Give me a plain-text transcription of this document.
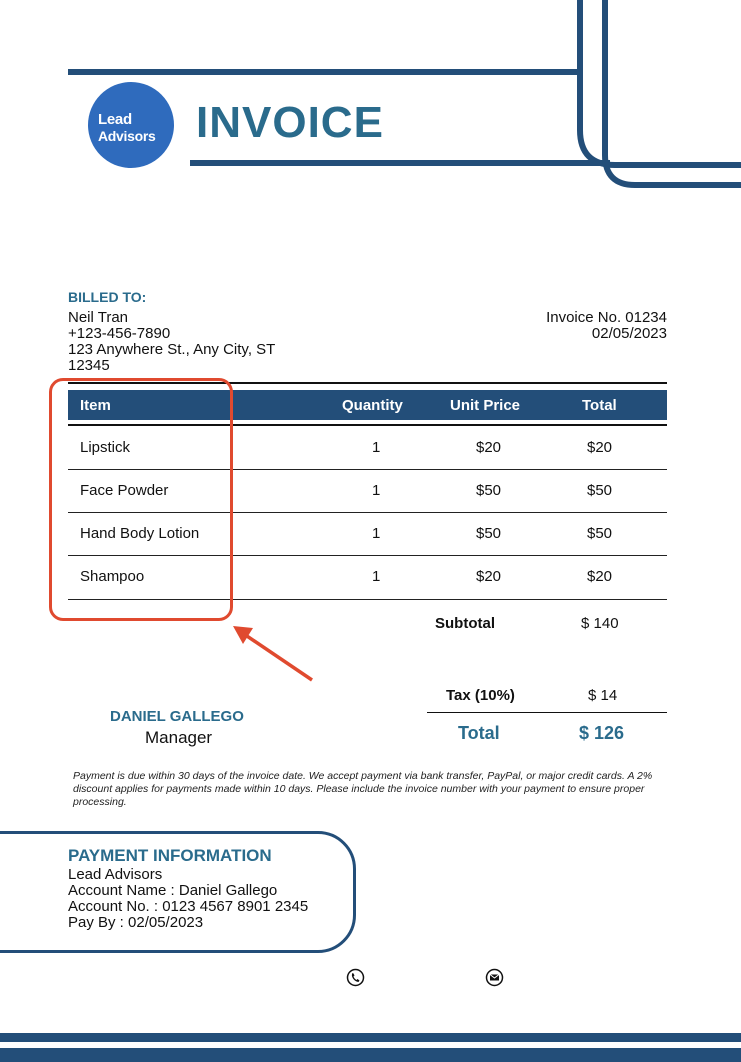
Lead
Advisors INVOICE
BILLED TO:
Neil Tran
+123-456-7890
123 Anywhere St., Any City, ST
12345
Invoice No. 01234
02/05/2023
Item	Quantity	Unit Price	Total
Lipstick	1	$20	$20
Face Powder	1	$50	$50
Hand Body Lotion	1	$50	$50
Shampoo	1	$20	$20
Subtotal	$ 140
Tax (10%)	$ 14
Total	$ 126
DANIEL GALLEGO
Manager
Payment is due within 30 days of the invoice date. We accept payment via bank transfer, PayPal, or major credit cards. A 2% discount applies for payments made within 10 days. Please include the invoice number with your payment to ensure proper processing.
PAYMENT INFORMATION
Lead Advisors
Account Name : Daniel Gallego
Account No. : 0123 4567 8901 2345
Pay By : 02/05/2023
